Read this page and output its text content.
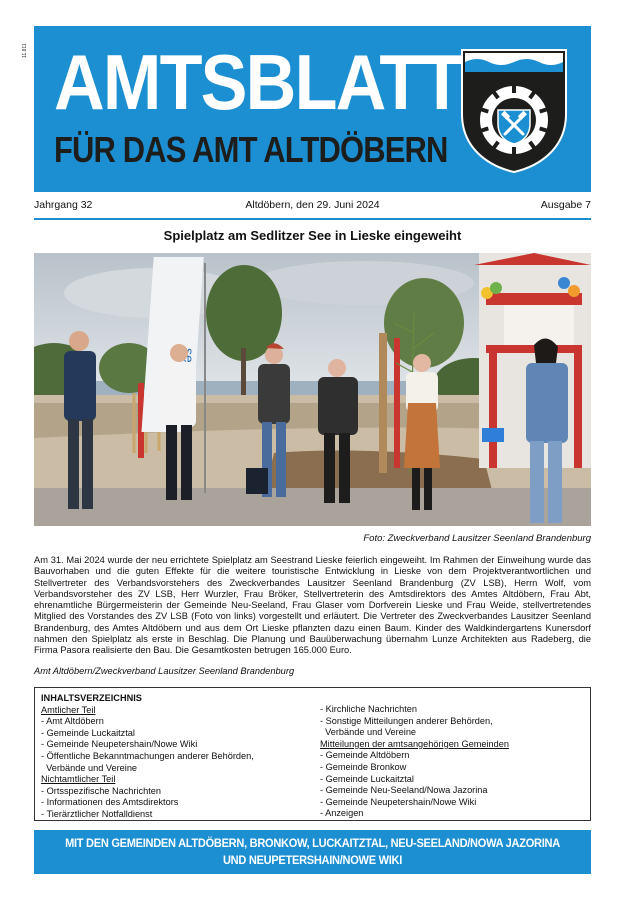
11.811 AMTSBLATT
FÜR DAS AMT ALTDÖBERN
Altdöbern, den 29. Juni 2024
Jahrgang 32	Ausgabe 7
Spielplatz am Sedlitzer See in Lieske eingeweiht
Foto: Zweckverband Lausitzer Seenland Brandenburg

Am 31. Mai 2024 wurde der neu errichtete Spielplatz am Seestrand Lieske feierlich eingeweiht. Im Rahmen der Einweihung wurde das Bauvorhaben und die guten Effekte für die weitere touristische Entwicklung in Lieske von dem Projektverantwortlichen und Stellvertreter des Verbandsvorstehers des Zweckverbandes Lausitzer Seenland Brandenburg (ZV LSB), Herrn Wolf, vom Verbandsvorsteher des ZV LSB, Herr Wurzler, Frau Bröker, Stellvertreterin des Amtsdirektors des Amtes Altdöbern, Frau Abt, ehrenamtliche Bürgermeisterin der Gemeinde Neu-Seeland, Frau Glaser vom Dorfverein Lieske und Frau Weide, stellvertretendes Mitglied des Vorstandes des ZV LSB (Foto von links) vorgestellt und erläutert. Die Vertreter des Zweckverbandes Lausitzer Seenland Brandenburg, des Amtes Altdöbern und aus dem Ort Lieske pflanzten dazu einen Baum. Kinder des Waldkindergartens Kunersdorf nahmen den Spielplatz als erste in Beschlag. Die Planung und Bauüberwachung übernahm Lunze Architekten aus Radeberg, die Firma Pasora realisierte den Bau. Die Gesamtkosten betrugen 165.000 Euro.

Amt Altdöbern/Zweckverband Lausitzer Seenland Brandenburg
INHALTSVERZEICHNIS
Amtlicher Teil
- Amt Altdöbern
- Gemeinde Luckaitztal
- Gemeinde Neupetershain/Nowe Wiki
- Öffentliche Bekanntmachungen anderer Behörden,
Verbände und Vereine
Nichtamtlicher Teil
- Ortsspezifische Nachrichten
- Informationen des Amtsdirektors
- Tierärztlicher Notfalldienst
- Kirchliche Nachrichten
- Sonstige Mitteilungen anderer Behörden,
Verbände und Vereine
Mitteilungen der amtsangehörigen Gemeinden
- Gemeinde Altdöbern
- Gemeinde Bronkow
- Gemeinde Luckaitztal
- Gemeinde Neu-Seeland/Nowa Jazorina
- Gemeinde Neupetershain/Nowe Wiki
- Anzeigen
MIT DEN GEMEINDEN ALTDÖBERN, BRONKOW, LUCKAITZTAL, NEU-SEELAND/NOWA JAZORINA
UND NEUPETERSHAIN/NOWE WIKI
